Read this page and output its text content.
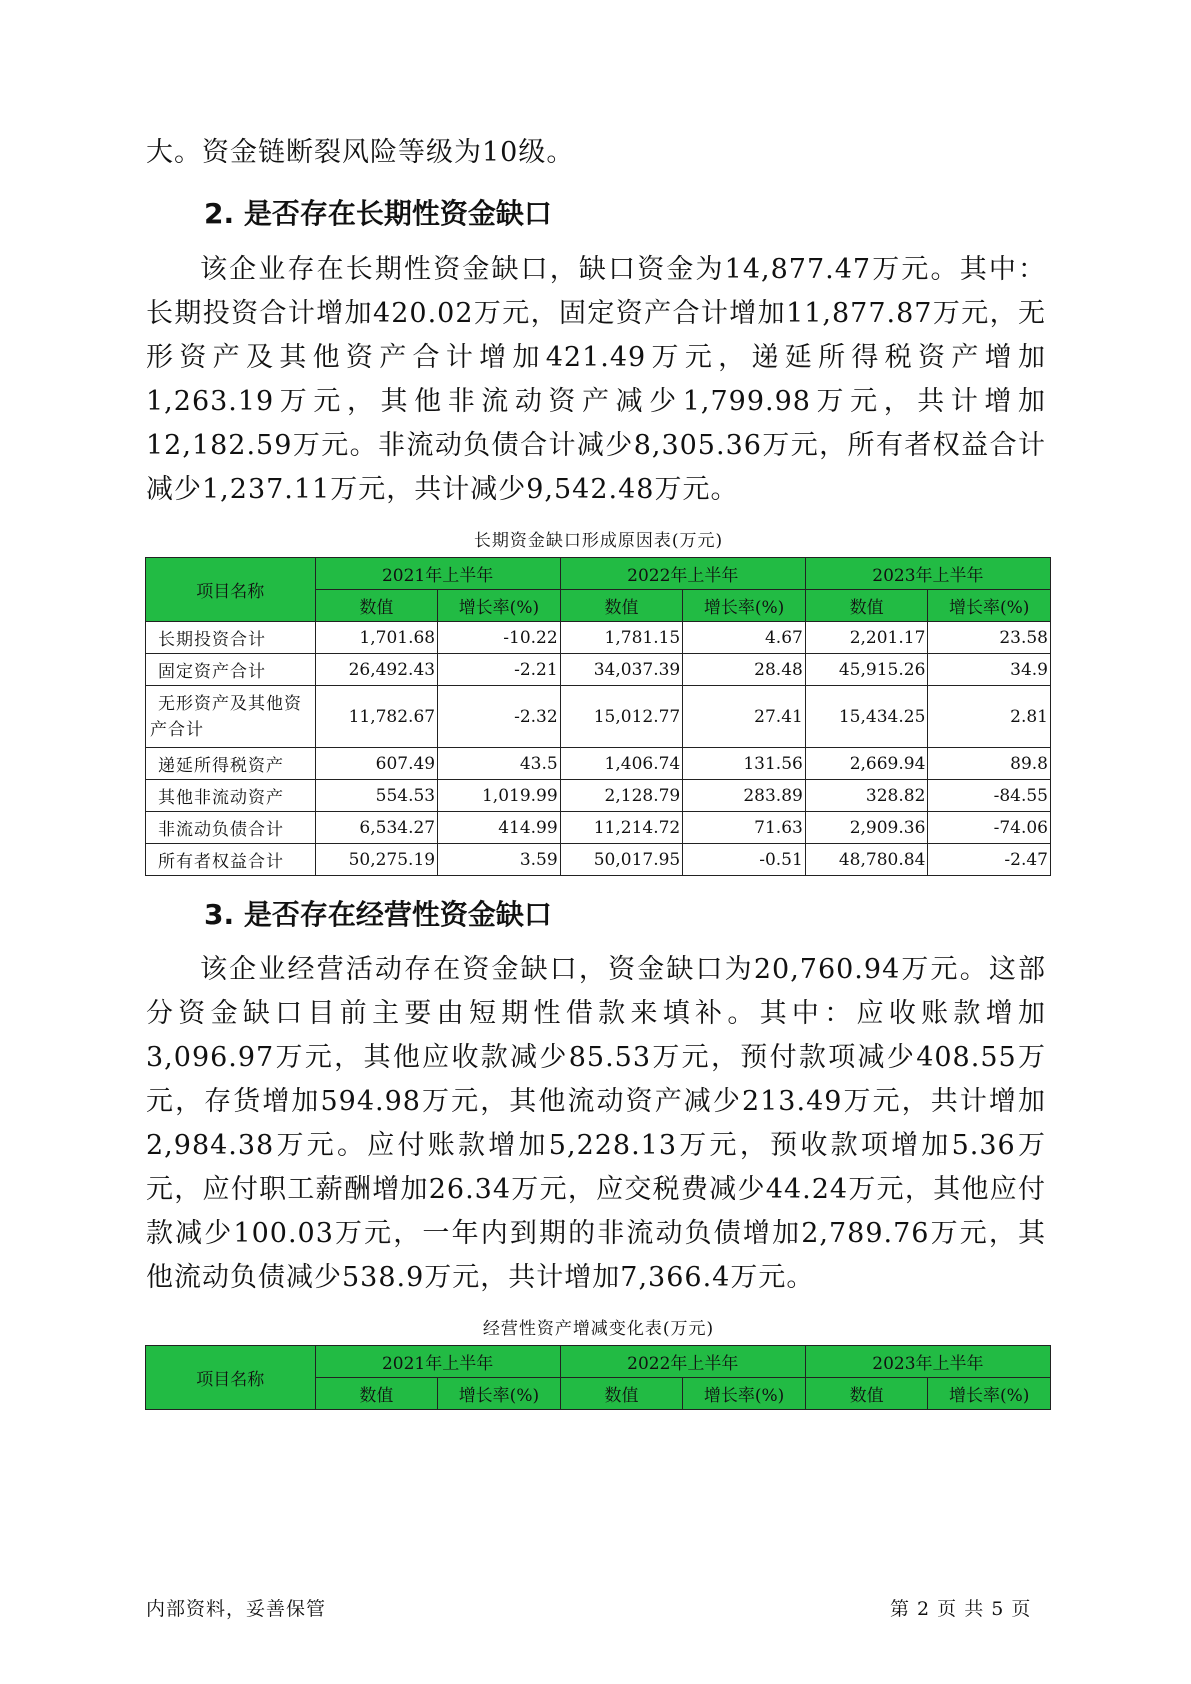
大。资金链断裂风险等级为10级。
2. 是否存在长期性资金缺口
该企业存在长期性资金缺口，缺口资金为14,877.47万元。其中：长期投资合计增加420.02万元，固定资产合计增加11,877.87万元，无形资产及其他资产合计增加421.49万元，递延所得税资产增加1,263.19万元，其他非流动资产减少1,799.98万元，共计增加12,182.59万元。非流动负债合计减少8,305.36万元，所有者权益合计减少1,237.11万元，共计减少9,542.48万元。
长期资金缺口形成原因表(万元)
项目名称	2021年上半年		2022年上半年		2023年上半年	
	数值	增长率(%)	数值	增长率(%)	数值	增长率(%)
长期投资合计	1,701.68	-10.22	1,781.15	4.67	2,201.17	23.58
固定资产合计	26,492.43	-2.21	34,037.39	28.48	45,915.26	34.9
无形资产及其他资产合计	11,782.67	-2.32	15,012.77	27.41	15,434.25	2.81
递延所得税资产	607.49	43.5	1,406.74	131.56	2,669.94	89.8
其他非流动资产	554.53	1,019.99	2,128.79	283.89	328.82	-84.55
非流动负债合计	6,534.27	414.99	11,214.72	71.63	2,909.36	-74.06
所有者权益合计	50,275.19	3.59	50,017.95	-0.51	48,780.84	-2.47
3. 是否存在经营性资金缺口
该企业经营活动存在资金缺口，资金缺口为20,760.94万元。这部分资金缺口目前主要由短期性借款来填补。其中：应收账款增加3,096.97万元，其他应收款减少85.53万元，预付款项减少408.55万元，存货增加594.98万元，其他流动资产减少213.49万元，共计增加2,984.38万元。应付账款增加5,228.13万元，预收款项增加5.36万元，应付职工薪酬增加26.34万元，应交税费减少44.24万元，其他应付款减少100.03万元，一年内到期的非流动负债增加2,789.76万元，其他流动负债减少538.9万元，共计增加7,366.4万元。
经营性资产增减变化表(万元)
项目名称	2021年上半年		2022年上半年		2023年上半年	
	数值	增长率(%)	数值	增长率(%)	数值	增长率(%)
内部资料，妥善保管	第 2 页 共 5 页
